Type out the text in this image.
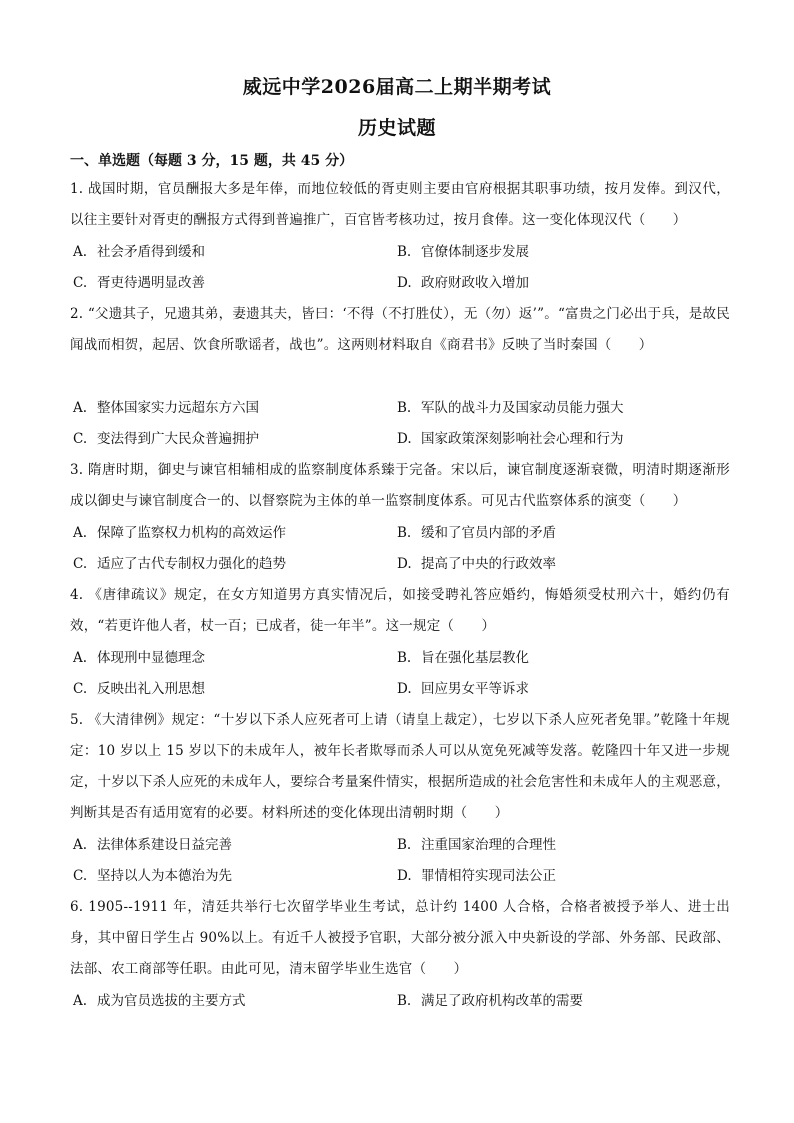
威远中学2026届高二上期半期考试
历史试题
一、单选题（每题 3 分，15 题，共 45 分）
1. 战国时期，官员酬报大多是年俸，而地位较低的胥吏则主要由官府根据其职事功绩，按月发俸。到汉代，以往主要针对胥吏的酬报方式得到普遍推广，百官皆考核功过，按月食俸。这一变化体现汉代（　　）
A. 社会矛盾得到缓和	B. 官僚体制逐步发展
C. 胥吏待遇明显改善	D. 政府财政收入增加
2. “父遗其子，兄遗其弟，妻遗其夫，皆曰：‘不得（不打胜仗），无（勿）返’”。“富贵之门必出于兵，是故民闻战而相贺，起居、饮食所歌谣者，战也”。这两则材料取自《商君书》反映了当时秦国（　　）
A. 整体国家实力远超东方六国	B. 军队的战斗力及国家动员能力强大
C. 变法得到广大民众普遍拥护	D. 国家政策深刻影响社会心理和行为
3. 隋唐时期，御史与谏官相辅相成的监察制度体系臻于完备。宋以后，谏官制度逐渐衰微，明清时期逐渐形成以御史与谏官制度合一的、以督察院为主体的单一监察制度体系。可见古代监察体系的演变（　　）
A. 保障了监察权力机构的高效运作	B. 缓和了官员内部的矛盾
C. 适应了古代专制权力强化的趋势	D. 提高了中央的行政效率
4. 《唐律疏议》规定，在女方知道男方真实情况后，如接受聘礼答应婚约，悔婚须受杖刑六十，婚约仍有效，“若更许他人者，杖一百；已成者，徒一年半”。这一规定（　　）
A. 体现刑中显德理念	B. 旨在强化基层教化
C. 反映出礼入刑思想	D. 回应男女平等诉求
5. 《大清律例》规定：“十岁以下杀人应死者可上请（请皇上裁定），七岁以下杀人应死者免罪。”乾隆十年规定：10 岁以上 15 岁以下的未成年人，被年长者欺辱而杀人可以从宽免死减等发落。乾隆四十年又进一步规定，十岁以下杀人应死的未成年人，要综合考量案件情实，根据所造成的社会危害性和未成年人的主观恶意，判断其是否有适用宽宥的必要。材料所述的变化体现出清朝时期（　　）
A. 法律体系建设日益完善	B. 注重国家治理的合理性
C. 坚持以人为本德治为先	D. 罪情相符实现司法公正
6. 1905--1911 年，清廷共举行七次留学毕业生考试，总计约 1400 人合格，合格者被授予举人、进士出身，其中留日学生占 90%以上。有近千人被授予官职，大部分被分派入中央新设的学部、外务部、民政部、法部、农工商部等任职。由此可见，清末留学毕业生选官（　　）
A. 成为官员选拔的主要方式	B. 满足了政府机构改革的需要
